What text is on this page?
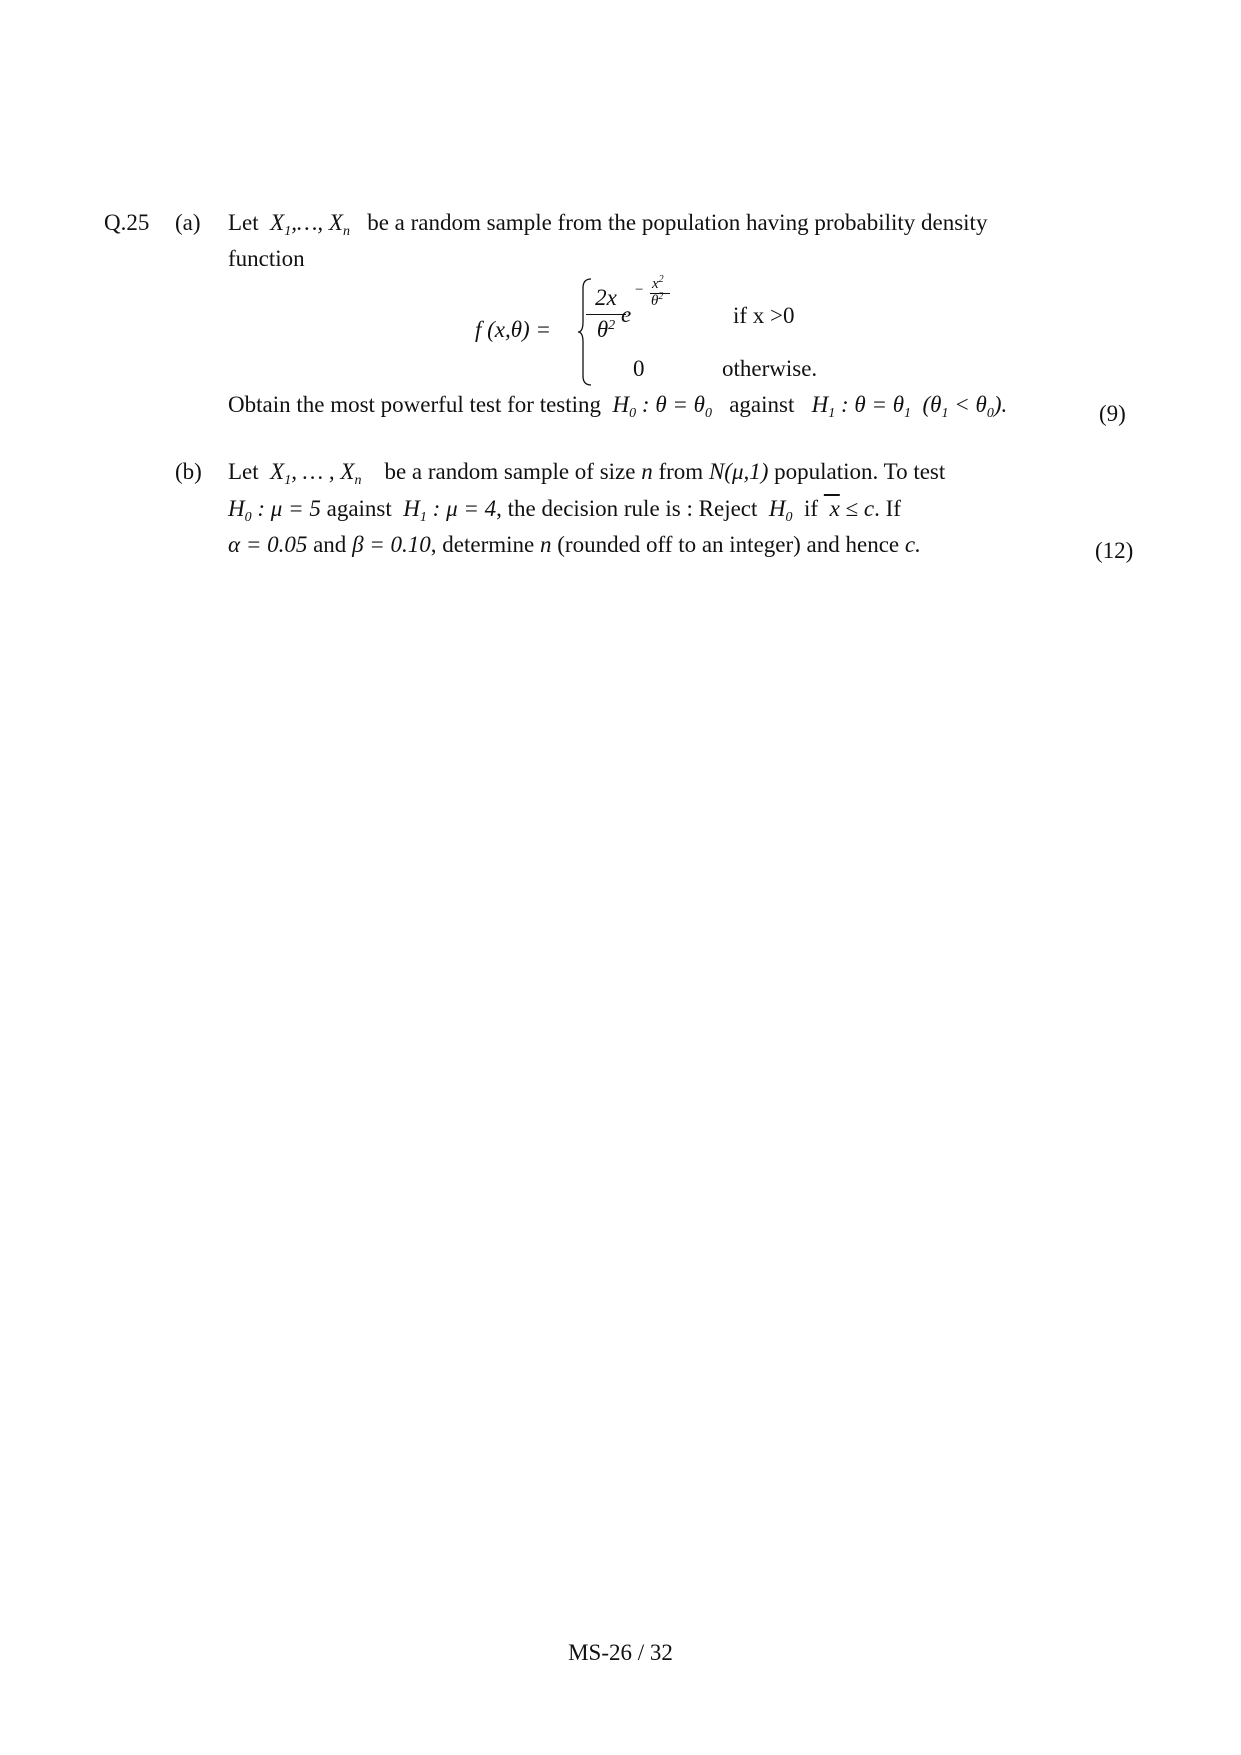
Q.25 (a) Let  $X_1,\dots$, $X_n$ be a random sample from the population having probability density
function
f (x,θ) =
2x
$\theta^2$ e
− $x^2$
$\theta^2$
if x >0
0	otherwise.
Obtain the most powerful test for testing  $H_0$ : $\theta = \theta_0$ against   $H_1$ : $\theta = \theta_1$  $(\theta_1 < \theta_0)$.	(9)
(b) Let  $X_1$, … , $X_n$ be a random sample of size n from N(μ,1) population. To test
$H_0$ : μ = 5 against  $H_1$ : μ = 4, the decision rule is : Reject  $H_0$ if  x ≤ c. If
α = 0.05 and β = 0.10, determine n (rounded off to an integer) and hence c.	(12)
MS-26 / 32
